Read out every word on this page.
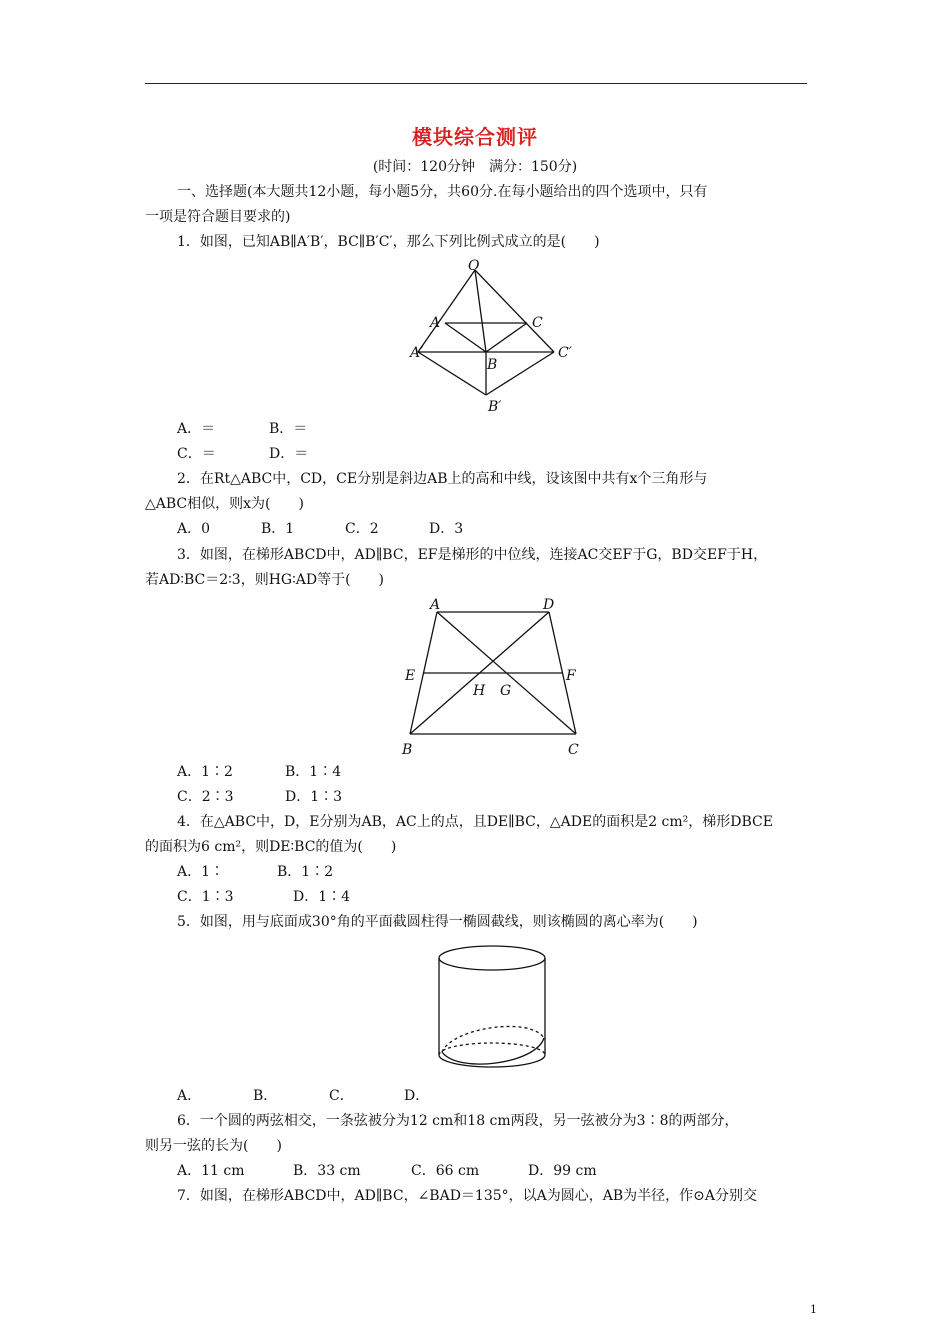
模块综合测评
(时间：120分钟　满分：150分)
一、选择题(本大题共12小题，每小题5分，共60分.在每小题给出的四个选项中，只有
一项是符合题目要求的)
1．如图，已知AB∥A′B′，BC∥B′C′，那么下列比例式成立的是(　　)
O
A	C
A′
B
C′
B′
A．＝	B．＝
C．＝	D．＝
2．在Rt△ABC中，CD，CE分别是斜边AB上的高和中线，设该图中共有x个三角形与
△ABC相似，则x为(　　)
A．0	B．1	C．2	D．3
3．如图，在梯形ABCD中，AD∥BC，EF是梯形的中位线，连接AC交EF于G，BD交EF于H，
若AD∶BC＝2∶3，则HG∶AD等于(　　)
A	D
E	F
H G
B	C
A．1∶2	B．1∶4
C．2∶3	D．1∶3
4．在△ABC中，D，E分别为AB，AC上的点，且DE∥BC，△ADE的面积是2 cm²，梯形DBCE
的面积为6 cm²，则DE∶BC的值为(　　)
A．1∶	B．1∶2
C．1∶3	D．1∶4
5．如图，用与底面成30°角的平面截圆柱得一椭圆截线，则该椭圆的离心率为(　　)
A．	B．	C．	D．
6．一个圆的两弦相交，一条弦被分为12 cm和18 cm两段，另一弦被分为3∶8的两部分，
则另一弦的长为(　　)
A．11 cm	B．33 cm	C．66 cm	D．99 cm
7．如图，在梯形ABCD中，AD∥BC，∠BAD＝135°，以A为圆心，AB为半径，作⊙A分别交
1
